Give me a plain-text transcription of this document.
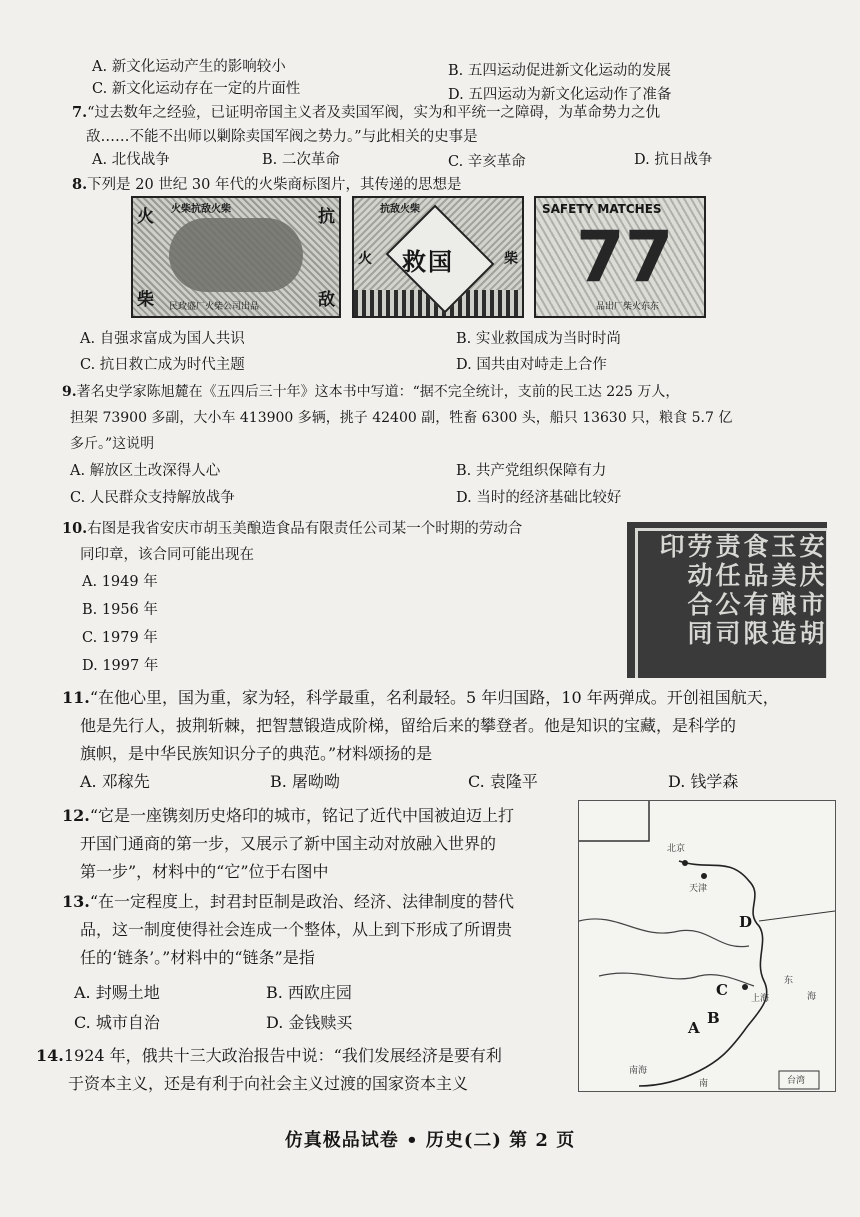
A. 新文化运动产生的影响较小	B. 五四运动促进新文化运动的发展
C. 新文化运动存在一定的片面性	D. 五四运动为新文化运动作了准备
7.“过去数年之经验，已证明帝国主义者及卖国军阀，实为和平统一之障碍，为革命势力之仇
敌……不能不出师以剿除卖国军阀之势力。”与此相关的史事是
A. 北伐战争	B. 二次革命	C. 辛亥革命	D. 抗日战争
8.下列是 20 世纪 30 年代的火柴商标图片，其传递的思想是
火柴抗敌火柴
火	抗
柴	敌
民政盛厂火柴公司出品
救国
抗敌火柴
火	柴
SAFETY MATCHES
77
品出厂柴火东东
A. 自强求富成为国人共识	B. 实业救国成为当时时尚
C. 抗日救亡成为时代主题	D. 国共由对峙走上合作
9.著名史学家陈旭麓在《五四后三十年》这本书中写道：“据不完全统计，支前的民工达 225 万人，
担架 73900 多副，大小车 413900 多辆，挑子 42400 副，牲畜 6300 头，船只 13630 只，粮食 5.7 亿
多斤。”这说明
A. 解放区土改深得人心	B. 共产党组织保障有力
C. 人民群众支持解放战争	D. 当时的经济基础比较好
10.右图是我省安庆市胡玉美酿造食品有限责任公司某一个时期的劳动合
同印章，该合同可能出现在
A. 1949 年
B. 1956 年
C. 1979 年
D. 1997 年
安庆市胡玉美酿造食品有限责任公司劳动合同印
11.“在他心里，国为重，家为轻，科学最重，名利最轻。5 年归国路，10 年两弹成。开创祖国航天，
他是先行人，披荆斩棘，把智慧锻造成阶梯，留给后来的攀登者。他是知识的宝藏，是科学的
旗帜，是中华民族知识分子的典范。”材料颂扬的是
A. 邓稼先	B. 屠呦呦	C. 袁隆平	D. 钱学森
12.“它是一座镌刻历史烙印的城市，铭记了近代中国被迫迈上打
开国门通商的第一步，又展示了新中国主动对放融入世界的
第一步”，材料中的“它”位于右图中
北京
天津
东
海
南
南海
台湾
上海
A
B
C
D
13.“在一定程度上，封君封臣制是政治、经济、法律制度的替代
品，这一制度使得社会连成一个整体，从上到下形成了所谓贵
任的‘链条’。”材料中的“链条”是指
A. 封赐土地	B. 西欧庄园
C. 城市自治	D. 金钱赎买
14.1924 年，俄共十三大政治报告中说：“我们发展经济是要有利
于资本主义，还是有利于向社会主义过渡的国家资本主义
仿真极品试卷 • 历史(二) 第 2 页
